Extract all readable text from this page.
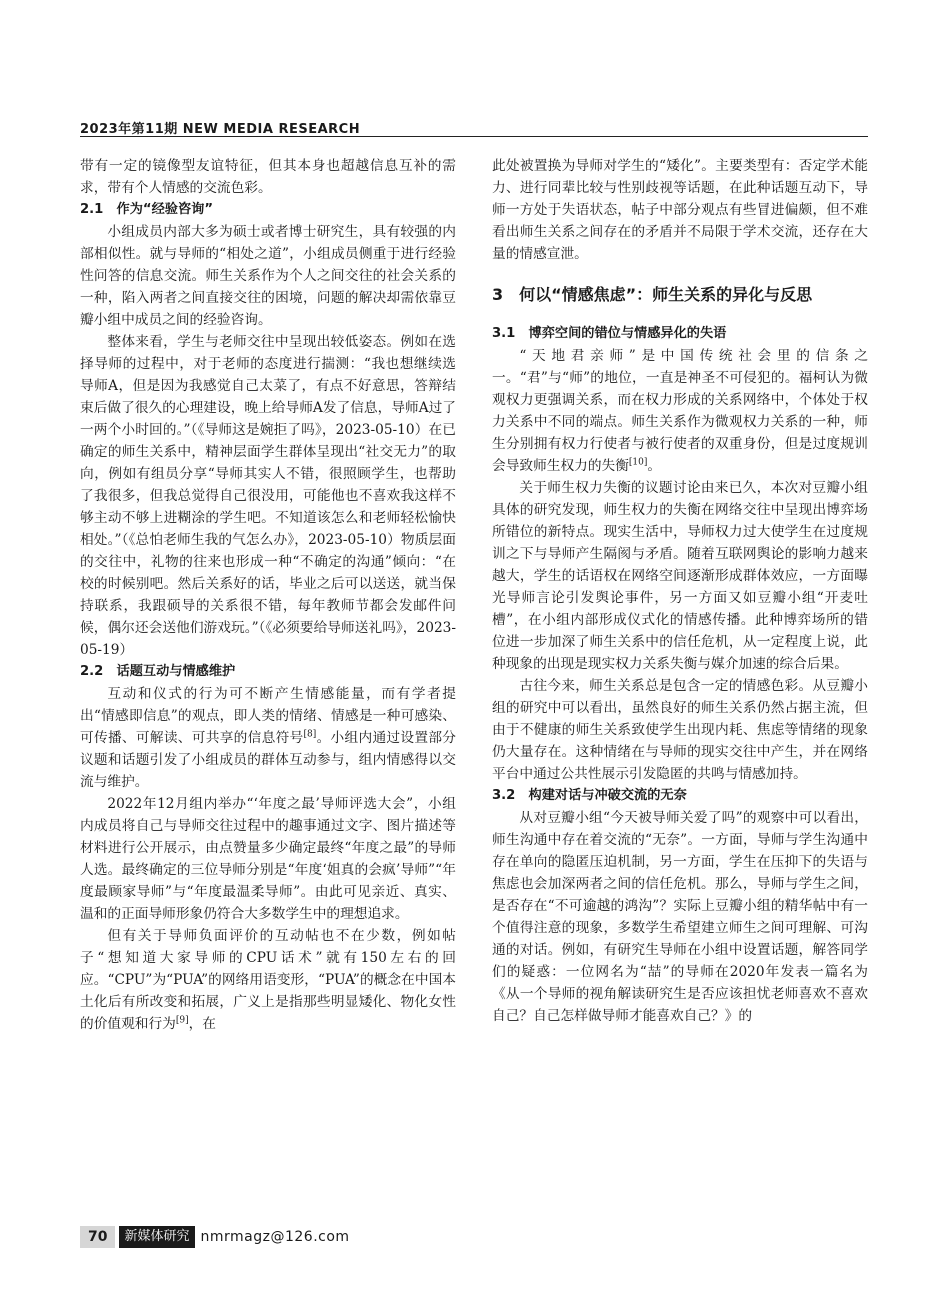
2023年第11期 NEW MEDIA RESEARCH

带有一定的镜像型友谊特征，但其本身也超越信息互补的需求，带有个人情感的交流色彩。

2.1　作为“经验咨询”

小组成员内部大多为硕士或者博士研究生，具有较强的内部相似性。就与导师的“相处之道”，小组成员侧重于进行经验性问答的信息交流。师生关系作为个人之间交往的社会关系的一种，陷入两者之间直接交往的困境，问题的解决却需依靠豆瓣小组中成员之间的经验咨询。

整体来看，学生与老师交往中呈现出较低姿态。例如在选择导师的过程中，对于老师的态度进行揣测：“我也想继续选导师A，但是因为我感觉自己太菜了，有点不好意思，答辩结束后做了很久的心理建设，晚上给导师A发了信息，导师A过了一两个小时回的。”（《导师这是婉拒了吗》，2023-05-10）在已确定的师生关系中，精神层面学生群体呈现出“社交无力”的取向，例如有组员分享“导师其实人不错，很照顾学生，也帮助了我很多，但我总觉得自己很没用，可能他也不喜欢我这样不够主动不够上进糊涂的学生吧。不知道该怎么和老师轻松愉快相处。”（《总怕老师生我的气怎么办》，2023-05-10）物质层面的交往中，礼物的往来也形成一种“不确定的沟通”倾向：“在校的时候别吧。然后关系好的话，毕业之后可以送送，就当保持联系，我跟硕导的关系很不错，每年教师节都会发邮件问候，偶尔还会送他们游戏玩。”（《必须要给导师送礼吗》，2023-05-19）

2.2　话题互动与情感维护

互动和仪式的行为可不断产生情感能量，而有学者提出“情感即信息”的观点，即人类的情绪、情感是一种可感染、可传播、可解读、可共享的信息符号[8]。小组内通过设置部分议题和话题引发了小组成员的群体互动参与，组内情感得以交流与维护。

2022年12月组内举办“‘年度之最’导师评选大会”，小组内成员将自己与导师交往过程中的趣事通过文字、图片描述等材料进行公开展示，由点赞量多少确定最终“年度之最”的导师人选。最终确定的三位导师分别是“年度‘姐真的会疯’导师”“年度最顾家导师”与“年度最温柔导师”。由此可见亲近、真实、温和的正面导师形象仍符合大多数学生中的理想追求。

但有关于导师负面评价的互动帖也不在少数，例如帖子“想知道大家导师的CPU话术”就有150左右的回应。“CPU”为“PUA”的网络用语变形，“PUA”的概念在中国本土化后有所改变和拓展，广义上是指那些明显矮化、物化女性的价值观和行为[9]，在

此处被置换为导师对学生的“矮化”。主要类型有：否定学术能力、进行同辈比较与性别歧视等话题，在此种话题互动下，导师一方处于失语状态，帖子中部分观点有些冒进偏颇，但不难看出师生关系之间存在的矛盾并不局限于学术交流，还存在大量的情感宣泄。

3　何以“情感焦虑”：师生关系的异化与反思
3.1　博弈空间的错位与情感异化的失语

“天地君亲师”是中国传统社会里的信条之一。“君”与“师”的地位，一直是神圣不可侵犯的。福柯认为微观权力更强调关系，而在权力形成的关系网络中，个体处于权力关系中不同的端点。师生关系作为微观权力关系的一种，师生分别拥有权力行使者与被行使者的双重身份，但是过度规训会导致师生权力的失衡[10]。

关于师生权力失衡的议题讨论由来已久，本次对豆瓣小组具体的研究发现，师生权力的失衡在网络交往中呈现出博弈场所错位的新特点。现实生活中，导师权力过大使学生在过度规训之下与导师产生隔阂与矛盾。随着互联网舆论的影响力越来越大，学生的话语权在网络空间逐渐形成群体效应，一方面曝光导师言论引发舆论事件，另一方面又如豆瓣小组“开麦吐槽”，在小组内部形成仪式化的情感传播。此种博弈场所的错位进一步加深了师生关系中的信任危机，从一定程度上说，此种现象的出现是现实权力关系失衡与媒介加速的综合后果。

古往今来，师生关系总是包含一定的情感色彩。从豆瓣小组的研究中可以看出，虽然良好的师生关系仍然占据主流，但由于不健康的师生关系致使学生出现内耗、焦虑等情绪的现象仍大量存在。这种情绪在与导师的现实交往中产生，并在网络平台中通过公共性展示引发隐匿的共鸣与情感加持。

3.2　构建对话与冲破交流的无奈

从对豆瓣小组“今天被导师关爱了吗”的观察中可以看出，师生沟通中存在着交流的“无奈”。一方面，导师与学生沟通中存在单向的隐匿压迫机制，另一方面，学生在压抑下的失语与焦虑也会加深两者之间的信任危机。那么，导师与学生之间，是否存在“不可逾越的鸿沟”？实际上豆瓣小组的精华帖中有一个值得注意的现象，多数学生希望建立师生之间可理解、可沟通的对话。例如，有研究生导师在小组中设置话题，解答同学们的疑惑：一位网名为“喆”的导师在2020年发表一篇名为《从一个导师的视角解读研究生是否应该担忧老师喜欢不喜欢自己？自己怎样做导师才能喜欢自己？》的

70	新媒体研究 nmrmagz@126.com
